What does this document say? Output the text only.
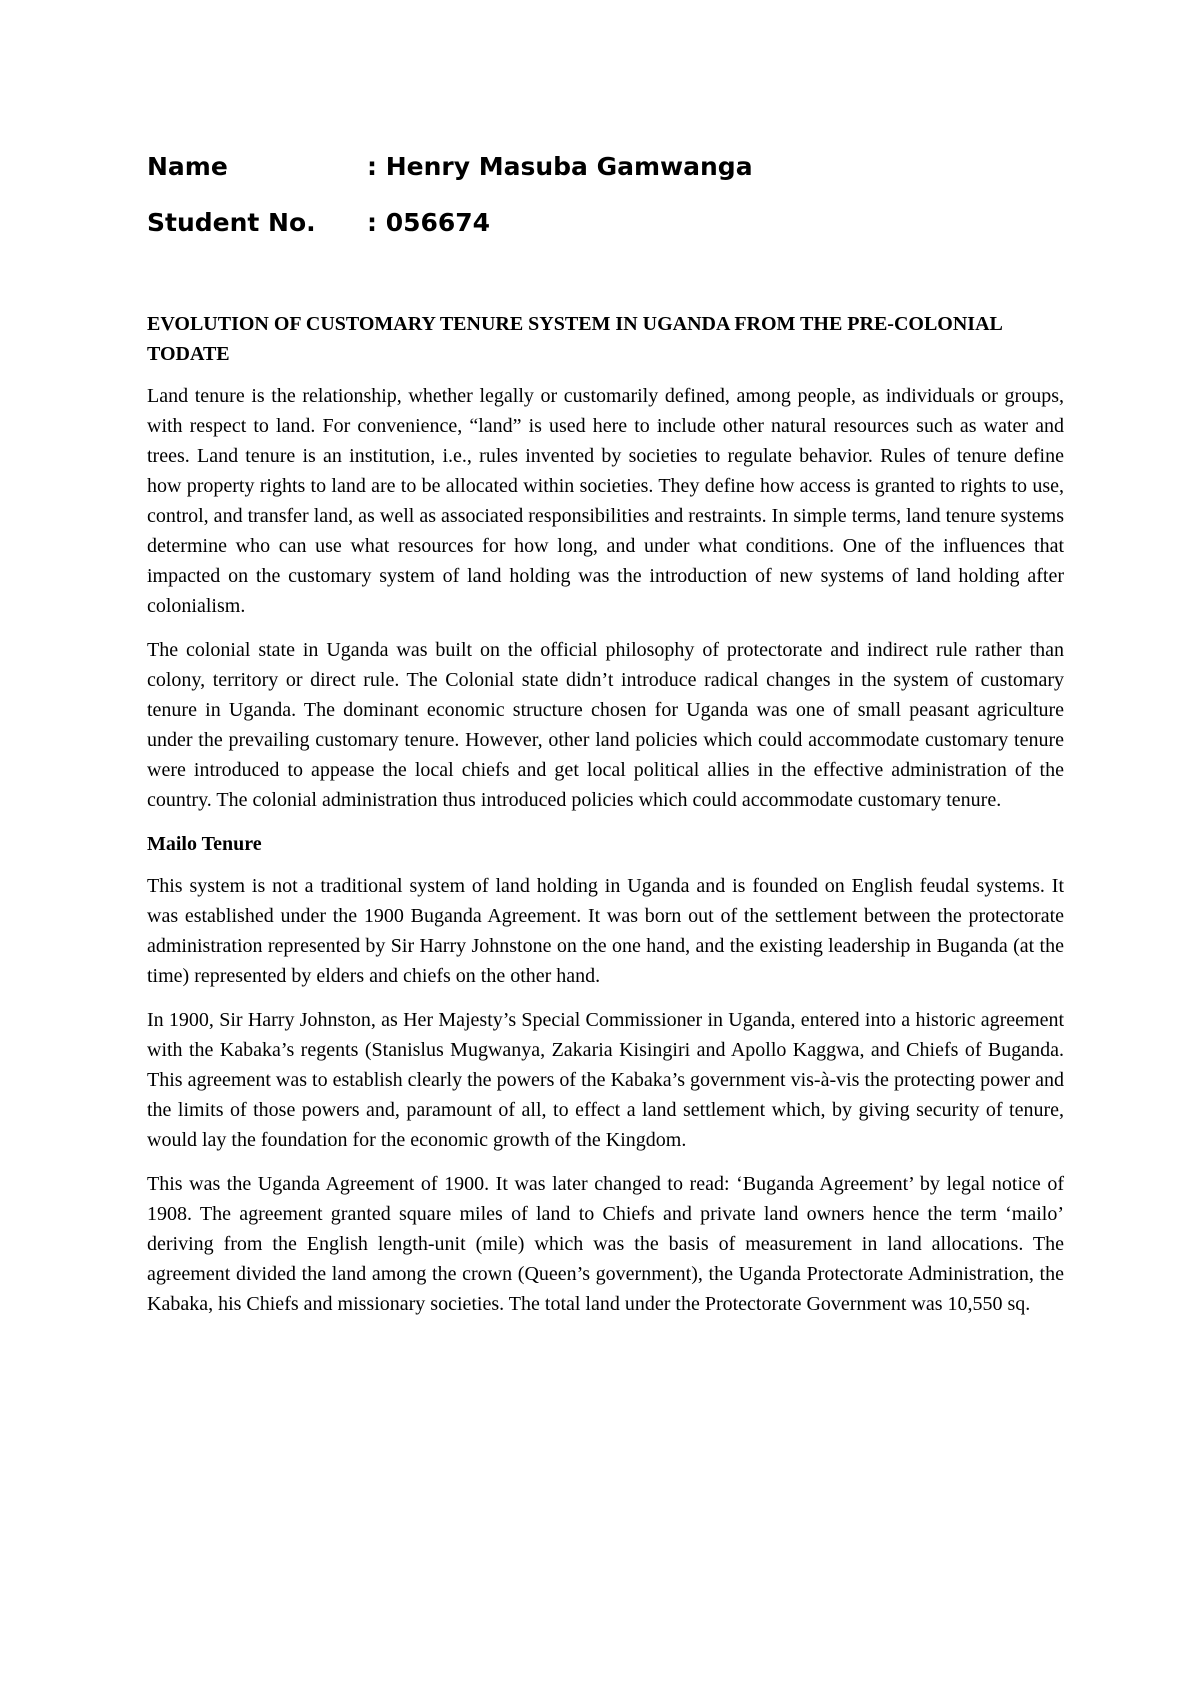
Name	: Henry Masuba Gamwanga
Student No.	: 056674
EVOLUTION OF CUSTOMARY TENURE SYSTEM IN UGANDA FROM THE PRE-COLONIAL TODATE

Land tenure is the relationship, whether legally or customarily defined, among people, as individuals or groups, with respect to land. For convenience, “land” is used here to include other natural resources such as water and trees. Land tenure is an institution, i.e., rules invented by societies to regulate behavior. Rules of tenure define how property rights to land are to be allocated within societies. They define how access is granted to rights to use, control, and transfer land, as well as associated responsibilities and restraints. In simple terms, land tenure systems determine who can use what resources for how long, and under what conditions. One of the influences that impacted on the customary system of land holding was the introduction of new systems of land holding after colonialism.

The colonial state in Uganda was built on the official philosophy of protectorate and indirect rule rather than colony, territory or direct rule. The Colonial state didn’t introduce radical changes in the system of customary tenure in Uganda. The dominant economic structure chosen for Uganda was one of small peasant agriculture under the prevailing customary tenure. However, other land policies which could accommodate customary tenure were introduced to appease the local chiefs and get local political allies in the effective administration of the country. The colonial administration thus introduced policies which could accommodate customary tenure.

Mailo Tenure

This system is not a traditional system of land holding in Uganda and is founded on English feudal systems. It was established under the 1900 Buganda Agreement. It was born out of the settlement between the protectorate administration represented by Sir Harry Johnstone on the one hand, and the existing leadership in Buganda (at the time) represented by elders and chiefs on the other hand.

In 1900, Sir Harry Johnston, as Her Majesty’s Special Commissioner in Uganda, entered into a historic agreement with the Kabaka’s regents (Stanislus Mugwanya, Zakaria Kisingiri and Apollo Kaggwa, and Chiefs of Buganda. This agreement was to establish clearly the powers of the Kabaka’s government vis-à-vis the protecting power and the limits of those powers and, paramount of all, to effect a land settlement which, by giving security of tenure, would lay the foundation for the economic growth of the Kingdom.

This was the Uganda Agreement of 1900. It was later changed to read: ‘Buganda Agreement’ by legal notice of 1908. The agreement granted square miles of land to Chiefs and private land owners hence the term ‘mailo’ deriving from the English length-unit (mile) which was the basis of measurement in land allocations. The agreement divided the land among the crown (Queen’s government), the Uganda Protectorate Administration, the Kabaka, his Chiefs and missionary societies. The total land under the Protectorate Government was 10,550 sq.
